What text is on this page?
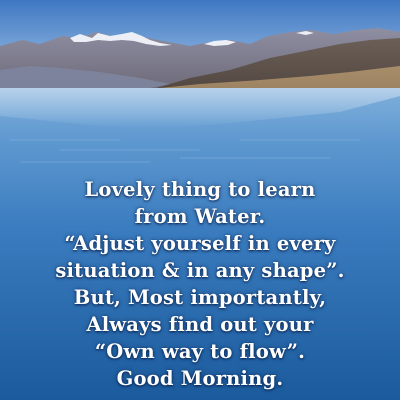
Lovely thing to learn
from Water.
“Adjust yourself in every
situation & in any shape”.
But, Most importantly,
Always find out your
“Own way to flow”.
Good Morning.
